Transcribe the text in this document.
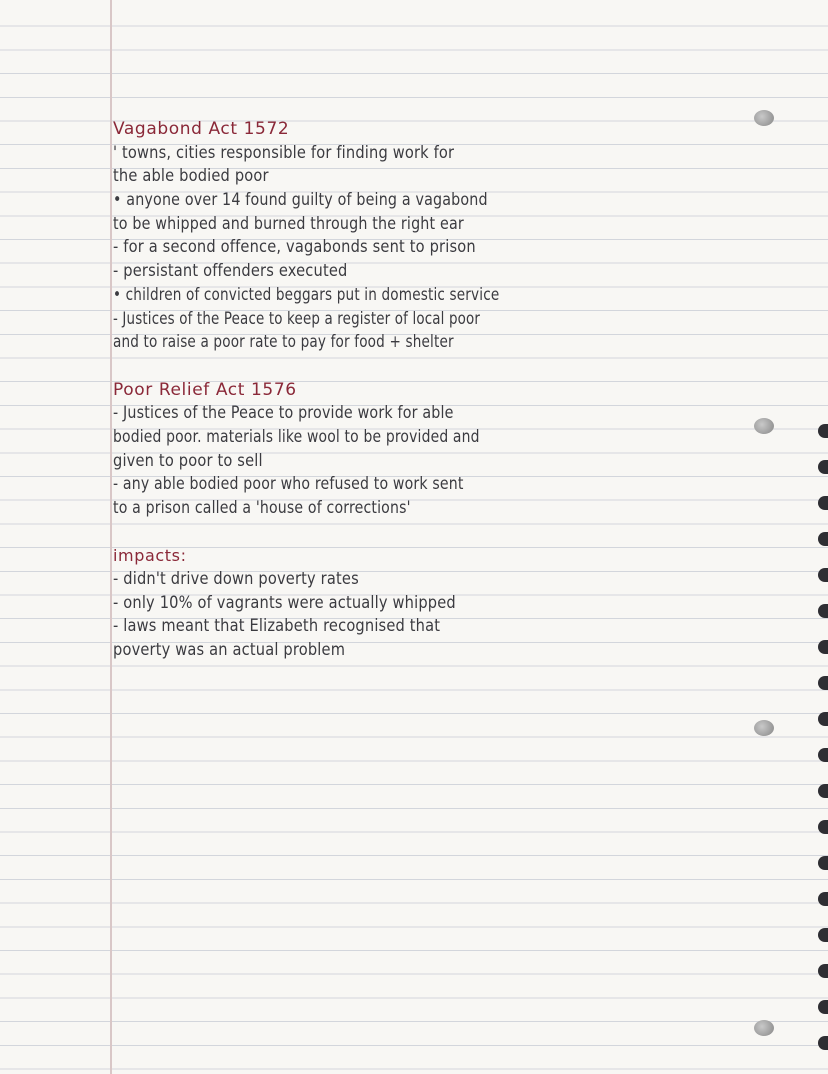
Vagabond Act 1572
' towns, cities responsible for finding work for
the able bodied poor
• anyone over 14 found guilty of being a vagabond
to be whipped and burned through the right ear
- for a second offence, vagabonds sent to prison
- persistant offenders executed
• children of convicted beggars put in domestic service
- Justices of the Peace to keep a register of local poor
and to raise a poor rate to pay for food + shelter
Poor Relief Act 1576
- Justices of the Peace to provide work for able
bodied poor. materials like wool to be provided and
given to poor to sell
- any able bodied poor who refused to work sent
to a prison called a 'house of corrections'
impacts:
- didn't drive down poverty rates
- only 10% of vagrants were actually whipped
- laws meant that Elizabeth recognised that
poverty was an actual problem
